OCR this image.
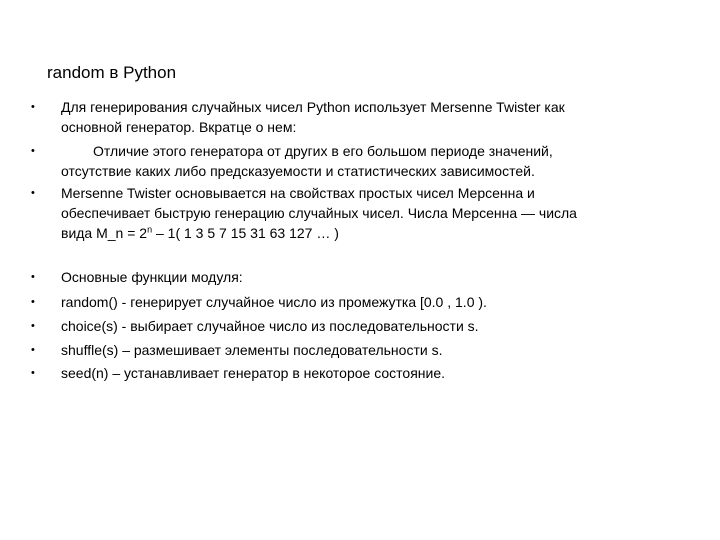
random в Python
• Для генерирования случайных чисел Python использует Mersenne Twister как
основной генератор. Вкратце о нем:
•	Отличие этого генератора от других в его большом периоде значений,
отсутствие каких либо предсказуемости и статистических зависимостей.
• Mersenne Twister основывается на свойствах простых чисел Мерсенна и
обеспечивает быструю генерацию случайных чисел. Числа Мерсенна — числа
вида M_n = $2^n - 1$( 1 3 5 7 15 31 63 127 … )
• Основные функции модуля:
• random() - генерирует случайное число из промежутка [0.0 , 1.0 ).
• choice(s) - выбирает случайное число из последовательности s.
• shuffle(s) – размешивает элементы последовательности s.
• seed(n) – устанавливает генератор в некоторое состояние.
